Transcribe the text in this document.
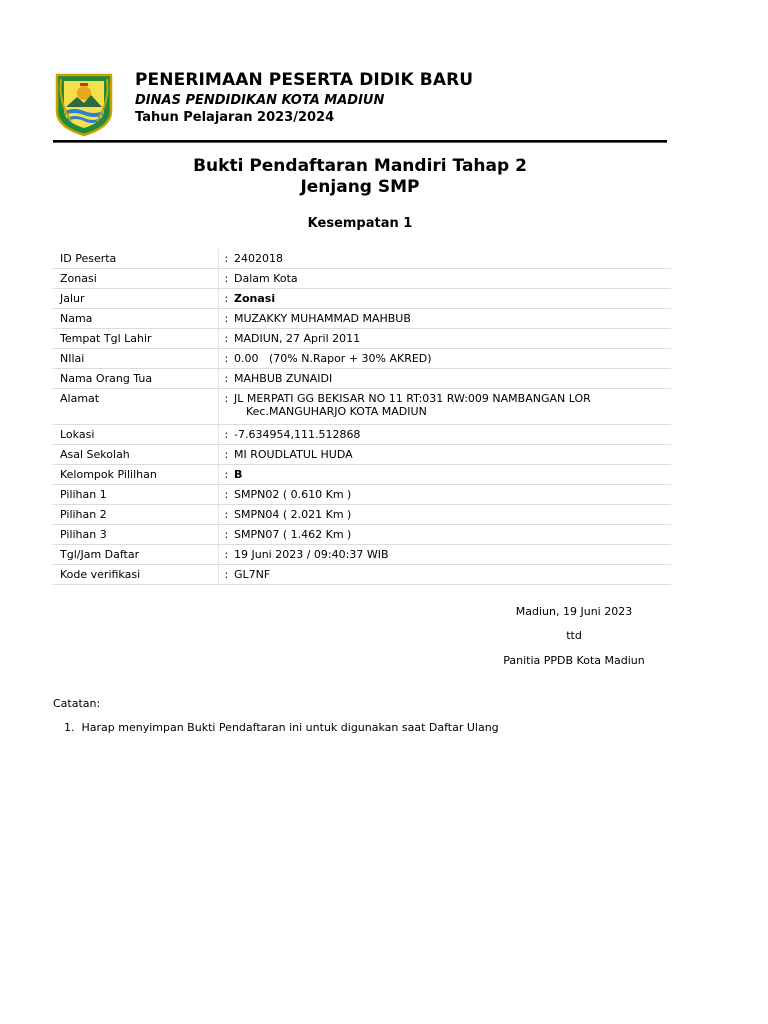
PENERIMAAN PESERTA DIDIK BARU
DINAS PENDIDIKAN KOTA MADIUN
Tahun Pelajaran 2023/2024
Bukti Pendaftaran Mandiri Tahap 2
Jenjang SMP
Kesempatan 1
ID Peserta	:	2402018
Zonasi	:	Dalam Kota
Jalur	:	Zonasi
Nama	:	MUZAKKY MUHAMMAD MAHBUB
Tempat Tgl Lahir	:	MADIUN, 27 April 2011
NIlai	:	0.00   (70% N.Rapor + 30% AKRED)
Nama Orang Tua	:	MAHBUB ZUNAIDI
Alamat	:	JL MERPATI GG BEKISAR NO 11 RT:031 RW:009 NAMBANGAN LOR
Kec.MANGUHARJO KOTA MADIUN

Lokasi	:	-7.634954,111.512868
Asal Sekolah	:	MI ROUDLATUL HUDA
Kelompok Pililhan	:	B
Pilihan 1	:	SMPN02 ( 0.610 Km )
Pilihan 2	:	SMPN04 ( 2.021 Km )
Pilihan 3	:	SMPN07 ( 1.462 Km )
Tgl/Jam Daftar	:	19 Juni 2023 / 09:40:37 WIB
Kode verifikasi	:	GL7NF
Madiun, 19 Juni 2023
ttd
Panitia PPDB Kota Madiun
Catatan:
1. Harap menyimpan Bukti Pendaftaran ini untuk digunakan saat Daftar Ulang
